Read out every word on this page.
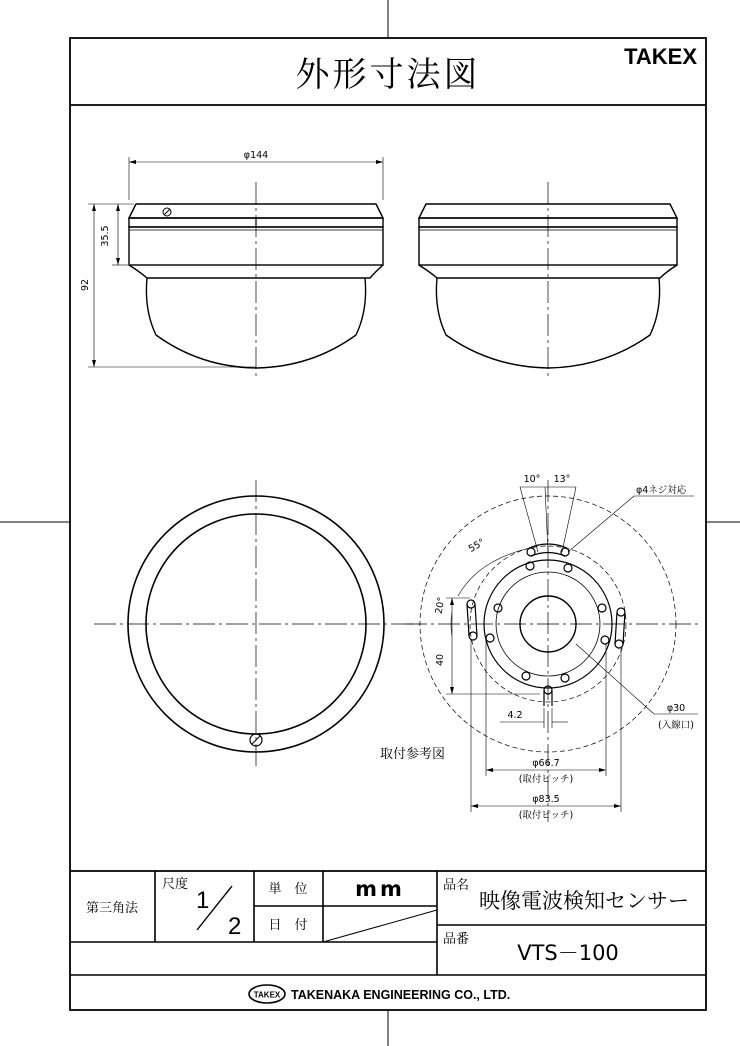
外形寸法図	TAKEX
φ144
35.5
92
10° 13°
55°
20°
φ4ネジ対応
40
4.2
φ30
(入線口)
φ66.7
(取付ピッチ)
φ83.5
(取付ピッチ)
取付参考図
第三角法
尺度
1
2
単　位 mm
日　付
品名
映像電波検知センサー
品番
VTS－100
TAKEX TAKENAKA ENGINEERING CO., LTD.
